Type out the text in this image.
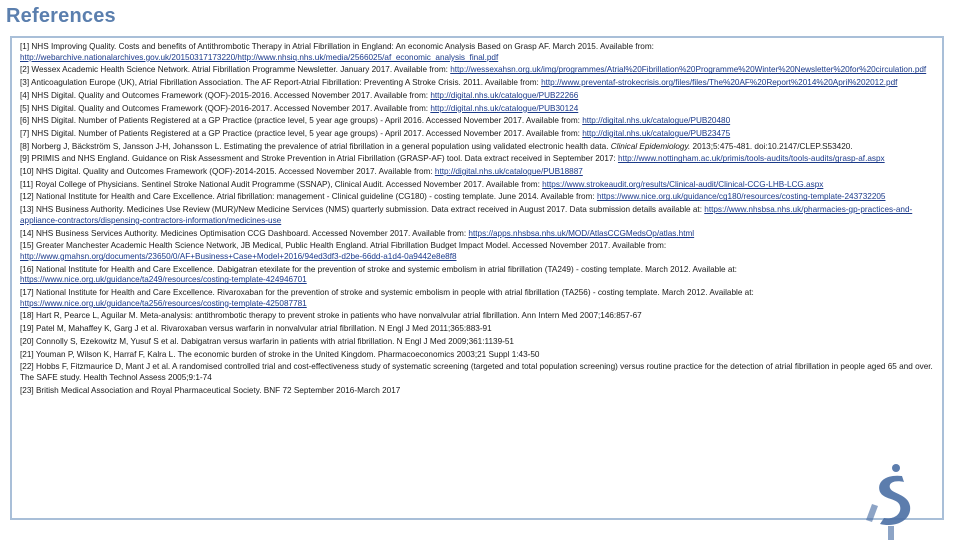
References

[1] NHS Improving Quality. Costs and benefits of Antithrombotic Therapy in Atrial Fibrillation in England: An economic Analysis Based on Grasp AF. March 2015. Available from: http://webarchive.nationalarchives.gov.uk/20150317173220/http://www.nhsiq.nhs.uk/media/2566025/af_economic_analysis_final.pdf

[2] Wessex Academic Health Science Network. Atrial Fibrillation Programme Newsletter. January 2017. Available from: http://wessexahsn.org.uk/img/programmes/Atrial%20Fibrillation%20Programme%20Winter%20Newsletter%20for%20circulation.pdf

[3] Anticoagulation Europe (UK), Atrial Fibrillation Association. The AF Report-Atrial Fibrillation: Preventing A Stroke Crisis. 2011. Available from: http://www.preventaf-strokecrisis.org/files/files/The%20AF%20Report%2014%20April%202012.pdf

[4] NHS Digital. Quality and Outcomes Framework (QOF)-2015-2016. Accessed November 2017. Available from: http://digital.nhs.uk/catalogue/PUB22266

[5] NHS Digital. Quality and Outcomes Framework (QOF)-2016-2017. Accessed November 2017. Available from: http://digital.nhs.uk/catalogue/PUB30124

[6] NHS Digital. Number of Patients Registered at a GP Practice (practice level, 5 year age groups) - April 2016. Accessed November 2017. Available from: http://digital.nhs.uk/catalogue/PUB20480

[7] NHS Digital. Number of Patients Registered at a GP Practice (practice level, 5 year age groups) - April 2017. Accessed November 2017. Available from: http://digital.nhs.uk/catalogue/PUB23475

[8] Norberg J, Bäckström S, Jansson J-H, Johansson L. Estimating the prevalence of atrial fibrillation in a general population using validated electronic health data. Clinical Epidemiology. 2013;5:475-481. doi:10.2147/CLEP.S53420.

[9] PRIMIS and NHS England. Guidance on Risk Assessment and Stroke Prevention in Atrial Fibrillation (GRASP-AF) tool. Data extract received in September 2017: http://www.nottingham.ac.uk/primis/tools-audits/tools-audits/grasp-af.aspx

[10] NHS Digital. Quality and Outcomes Framework (QOF)-2014-2015. Accessed November 2017. Available from: http://digital.nhs.uk/catalogue/PUB18887

[11] Royal College of Physicians. Sentinel Stroke National Audit Programme (SSNAP), Clinical Audit. Accessed November 2017. Available from: https://www.strokeaudit.org/results/Clinical-audit/Clinical-CCG-LHB-LCG.aspx

[12] National Institute for Health and Care Excellence. Atrial fibrillation: management - Clinical guideline (CG180) - costing template. June 2014. Available from: https://www.nice.org.uk/guidance/cg180/resources/costing-template-243732205

[13] NHS Business Authority. Medicines Use Review (MUR)/New Medicine Services (NMS) quarterly submission. Data extract received in August 2017. Data submission details available at: https://www.nhsbsa.nhs.uk/pharmacies-gp-practices-and-appliance-contractors/dispensing-contractors-information/medicines-use

[14] NHS Business Services Authority. Medicines Optimisation CCG Dashboard. Accessed November 2017. Available from: https://apps.nhsbsa.nhs.uk/MOD/AtlasCCGMedsOp/atlas.html

[15] Greater Manchester Academic Health Science Network, JB Medical, Public Health England. Atrial Fibrillation Budget Impact Model. Accessed November 2017. Available from: http://www.gmahsn.org/documents/23650/0/AF+Business+Case+Model+2016/94ed3df3-d2be-66dd-a1d4-0a9442e8e8f8

[16] National Institute for Health and Care Excellence. Dabigatran etexilate for the prevention of stroke and systemic embolism in atrial fibrillation (TA249) - costing template. March 2012. Available at: https://www.nice.org.uk/guidance/ta249/resources/costing-template-424946701

[17] National Institute for Health and Care Excellence. Rivaroxaban for the prevention of stroke and systemic embolism in people with atrial fibrillation (TA256) - costing template. March 2012. Available at: https://www.nice.org.uk/guidance/ta256/resources/costing-template-425087781

[18] Hart R, Pearce L, Aguilar M. Meta-analysis: antithrombotic therapy to prevent stroke in patients who have nonvalvular atrial fibrillation. Ann Intern Med 2007;146:857-67

[19] Patel M, Mahaffey K, Garg J et al. Rivaroxaban versus warfarin in nonvalvular atrial fibrillation. N Engl J Med 2011;365:883-91

[20] Connolly S, Ezekowitz M, Yusuf S et al. Dabigatran versus warfarin in patients with atrial fibrillation. N Engl J Med 2009;361:1139-51

[21] Youman P, Wilson K, Harraf F, Kalra L. The economic burden of stroke in the United Kingdom. Pharmacoeconomics 2003;21 Suppl 1:43-50

[22] Hobbs F, Fitzmaurice D, Mant J et al. A randomised controlled trial and cost-effectiveness study of systematic screening (targeted and total population screening) versus routine practice for the detection of atrial fibrillation in people aged 65 and over. The SAFE study. Health Technol Assess 2005;9:1-74

[23] British Medical Association and Royal Pharmaceutical Society. BNF 72 September 2016-March 2017
